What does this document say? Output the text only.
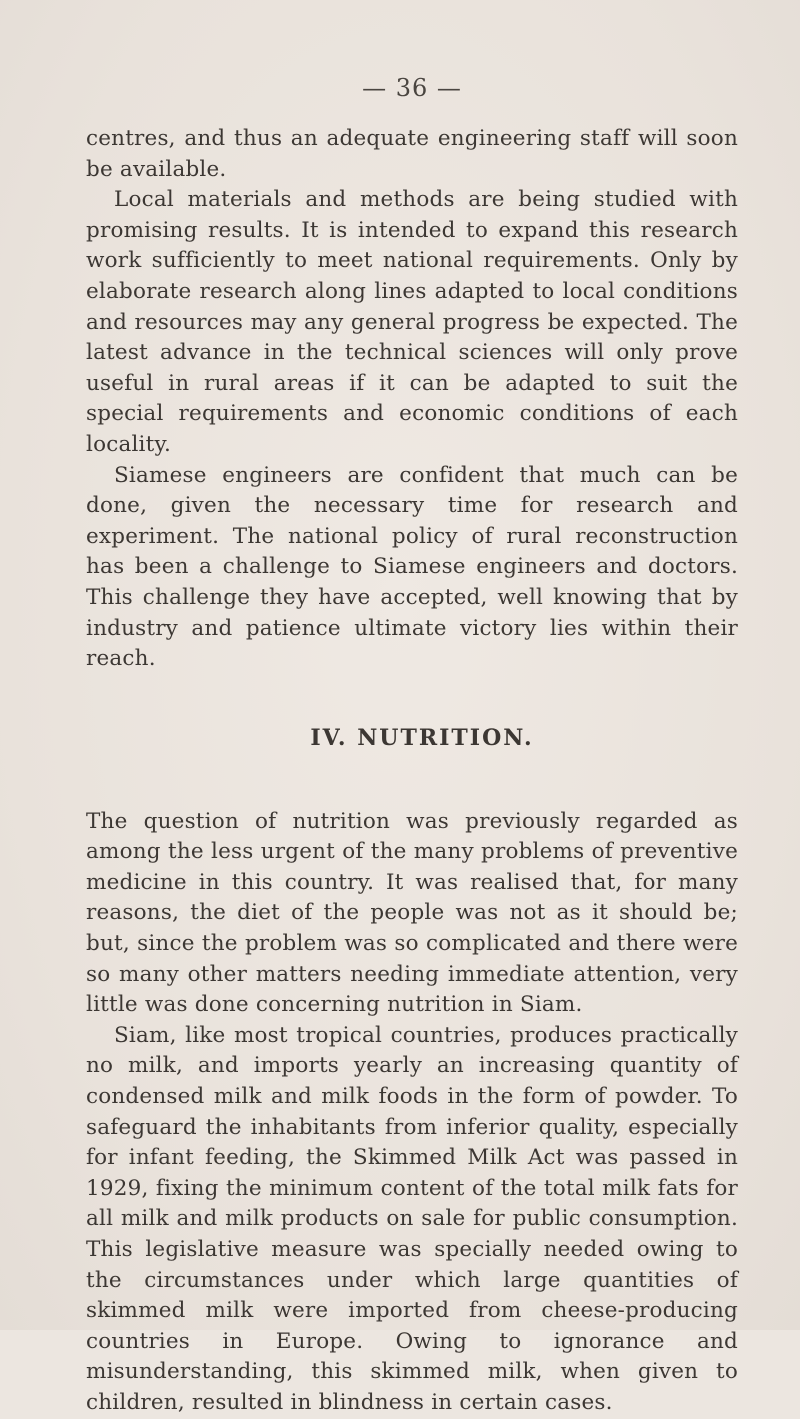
— 36 —

centres, and thus an adequate engineering staff will soon be available.

Local materials and methods are being studied with promising results. It is intended to expand this research work sufficiently to meet national requirements. Only by elaborate research along lines adapted to local conditions and resources may any general progress be expected. The latest advance in the technical sciences will only prove useful in rural areas if it can be adapted to suit the special requirements and economic conditions of each locality.

Siamese engineers are confident that much can be done, given the necessary time for research and experiment. The national policy of rural reconstruction has been a challenge to Siamese engineers and doctors. This challenge they have accepted, well knowing that by industry and patience ultimate victory lies within their reach.

IV. NUTRITION.

The question of nutrition was previously regarded as among the less urgent of the many problems of preventive medicine in this country. It was realised that, for many reasons, the diet of the people was not as it should be; but, since the problem was so complicated and there were so many other matters needing immediate attention, very little was done concerning nutrition in Siam.

Siam, like most tropical countries, produces practically no milk, and imports yearly an increasing quantity of condensed milk and milk foods in the form of powder. To safeguard the inhabitants from inferior quality, especially for infant feeding, the Skimmed Milk Act was passed in 1929, fixing the minimum content of the total milk fats for all milk and milk products on sale for public consumption. This legislative measure was specially needed owing to the circumstances under which large quantities of skimmed milk were imported from cheese-producing countries in Europe. Owing to ignorance and misunderstanding, this skimmed milk, when given to children, resulted in blindness in certain cases.
